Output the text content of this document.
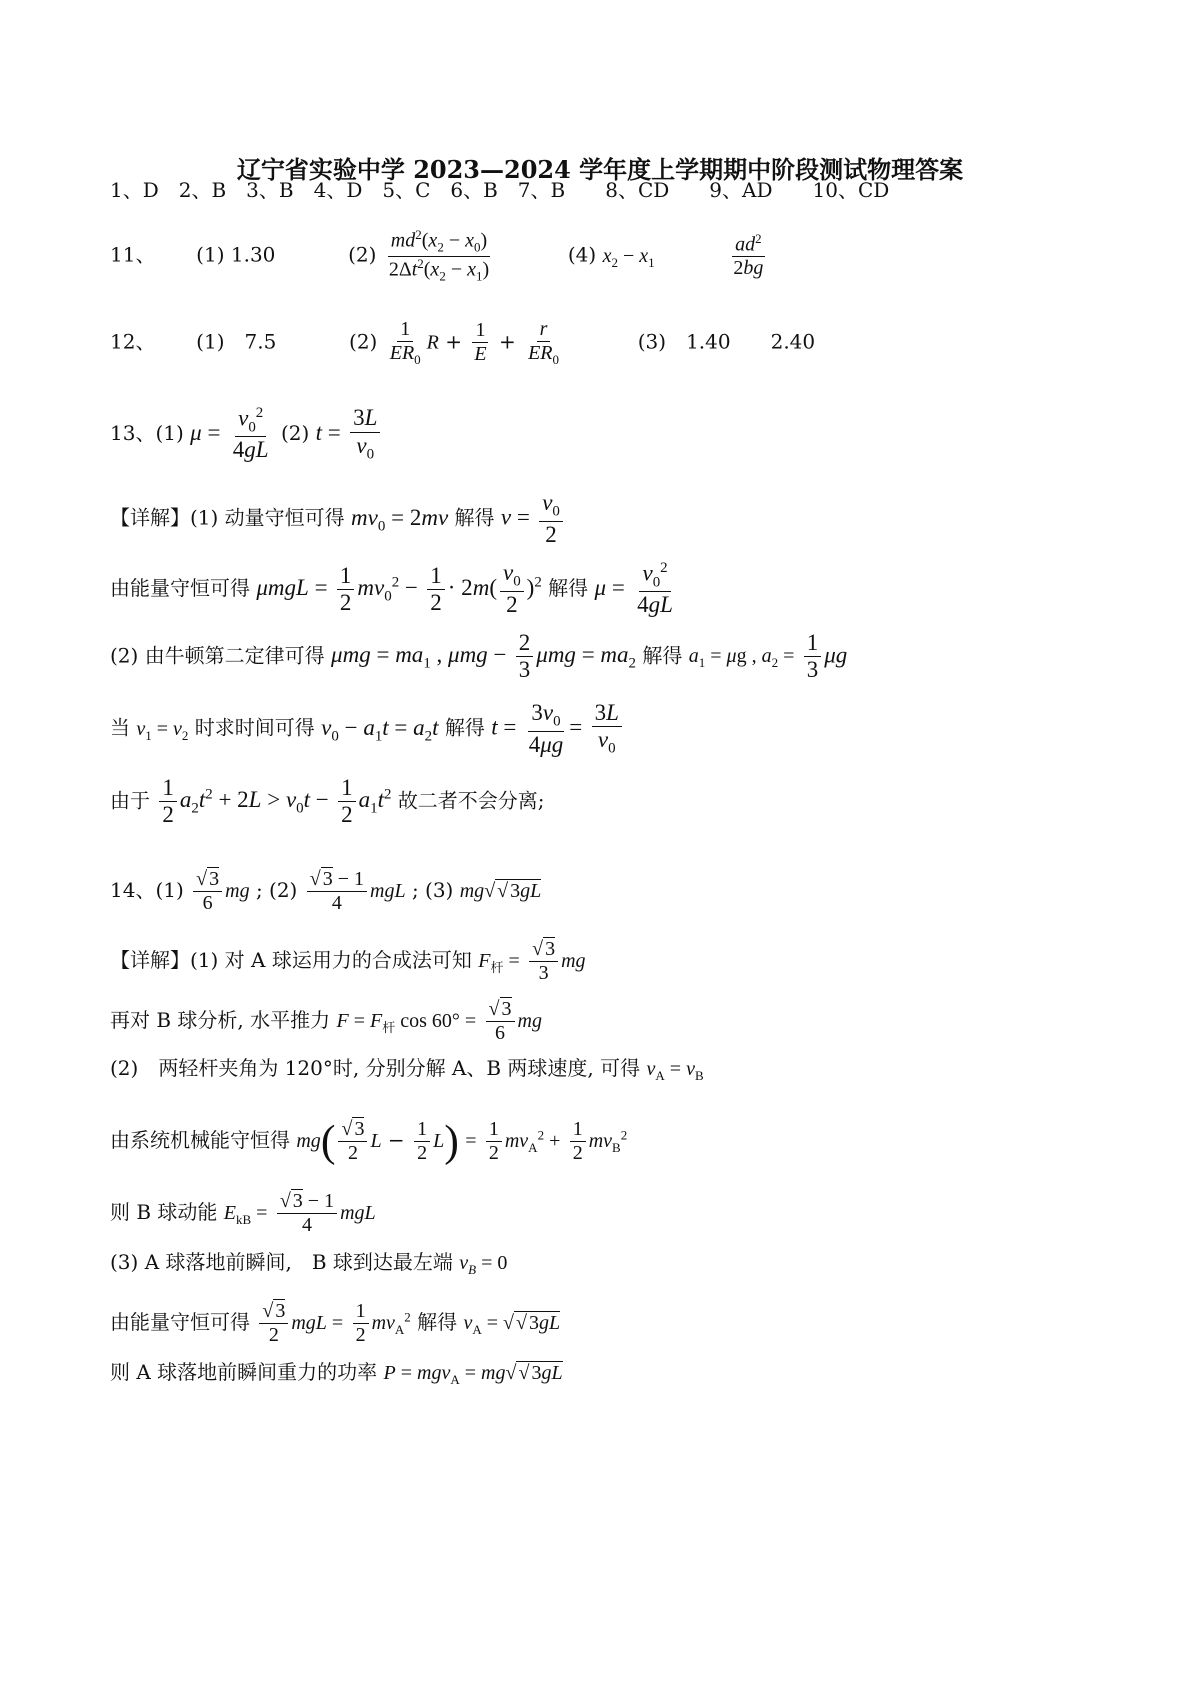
辽宁省实验中学 2023—2024 学年度上学期期中阶段测试物理答案
1、D　2、B　3、B　4、D　5、C　6、B　7、B　　8、CD　　9、AD　　10、CD
11、 (1) 1.30	$(2) \frac{md^2(x_2 - x_0)}{2\Delta t^2(x_2 - x_1)}$	(4) $x_2 - x_1$	$\frac{ad^2}{2bg}$
12、 (1)　7.5	$(2) \frac{1}{ER_0}$ $R + \frac{1}{E} + \frac{r}{ER_0}$	(3)　1.40　　2.40
13、(1) $\mu = \frac{v_0^2}{4gL} (2) t = \frac{3L}{v_0}$
【详解】(1) 动量守恒可得 $mv_0 = 2mv$ 解得 $v = \frac{v_0}{2}$
由能量守恒可得 $\mu mgL = \frac{1}{2} mv_0^2 - \frac{1}{2} \cdot 2m( \frac{v_0}{2} )^2$ 解得 $\mu = \frac{v_0^2}{4gL}$
(2) 由牛顿第二定律可得 $\mu mg = ma_1$ , $\mu mg - \frac{2}{3}$ $\mu mg = ma_2$ 解得 $a_1 = \mu g$ , $a_2 = \frac{1}{3}$ μg
当 $v_1 = v_2$ 时求时间可得 $v_0 - a_1t = a_2t$ 解得 $t = \frac{3v_0}{4\mu g} = \frac{3L}{v_0}$
由于 $\frac{1}{2} a_2t^2 + 2L > v_0t - \frac{1}{2} a_1t^2$ 故二者不会分离;
14、$(1) \frac{√ 3}{6}$ mg ; $(2) \frac{√ 3 - 1}{4}$ mgL ; (3) mg√ √ 3gL
【详解】(1) 对 A 球运用力的合成法可知 $F_杆 = \frac{√ 3}{3}$ mg
再对 B 球分析, 水平推力 $F = F_杆$ $\cos 60^\circ = \frac{√ 3}{6}$ mg
(2)　两轻杆夹角为 120°时, 分别分解 A、B 两球速度, 可得 $v_A = v_B$
由系统机械能守恒得 $mg( \frac{√ 3}{2}$ $L - \frac{1}{2} L) = \frac{1}{2} mv_A^2 + \frac{1}{2} mv_B^2$
则 B 球动能 $E_{kB} = \frac{√ 3 - 1}{4}$ mgL
(3) A 球落地前瞬间,　B 球到达最左端 $v_B = 0$
由能量守恒可得 $\frac{√ 3}{2}$ mgL = $\frac{1}{2} mv_A^2$ 解得 $v_A$ = √ √ 3gL
则 A 球落地前瞬间重力的功率 P = mgv$_A$ = mg√ √ 3gL
